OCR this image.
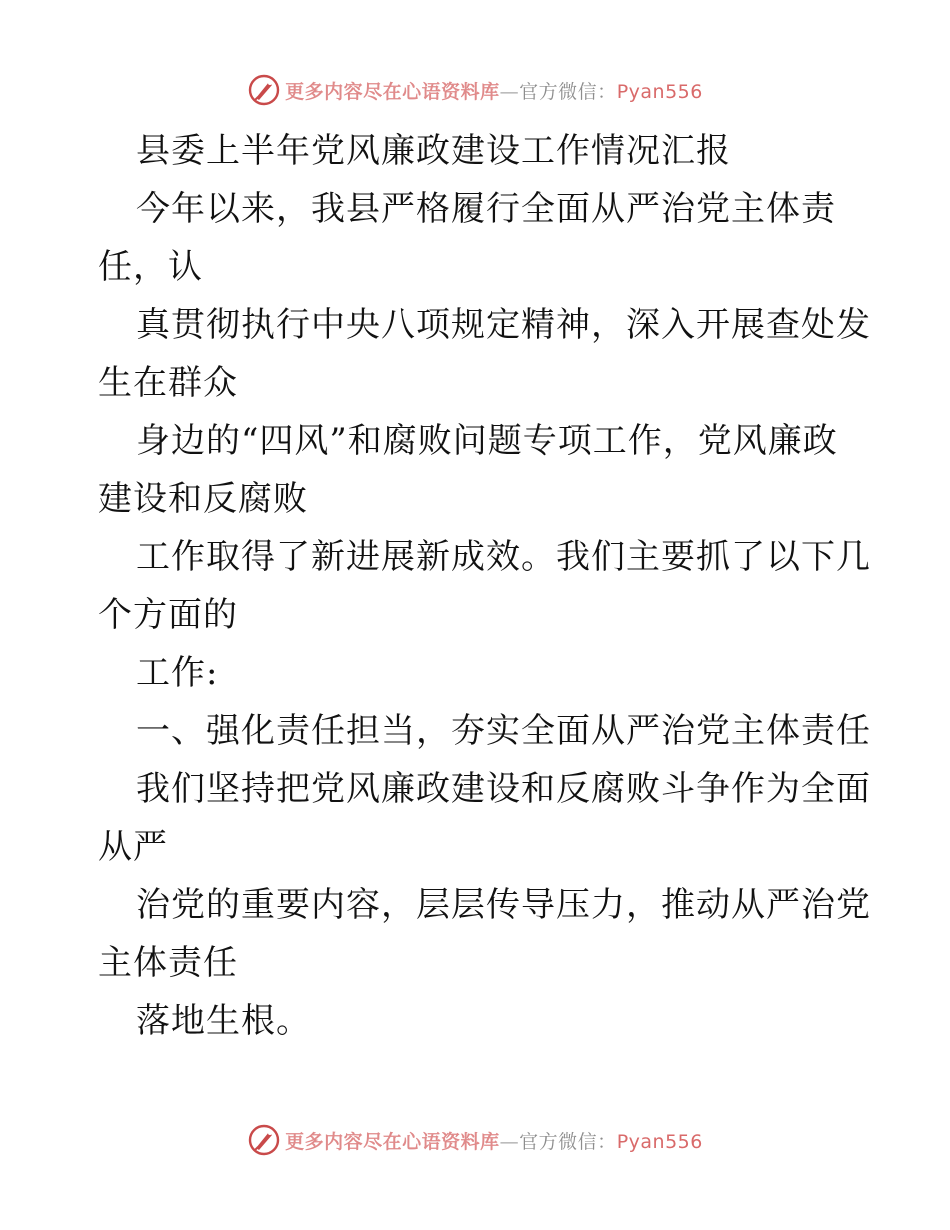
更多内容尽在心语资料库—官方微信：Pyan556
县委上半年党风廉政建设工作情况汇报
今年以来，我县严格履行全面从严治党主体责
任，认
真贯彻执行中央八项规定精神，深入开展查处发
生在群众
身边的“四风”和腐败问题专项工作，党风廉政
建设和反腐败
工作取得了新进展新成效。我们主要抓了以下几
个方面的
工作:
一、强化责任担当，夯实全面从严治党主体责任
我们坚持把党风廉政建设和反腐败斗争作为全面
从严
治党的重要内容，层层传导压力，推动从严治党
主体责任
落地生根。
更多内容尽在心语资料库—官方微信：Pyan556
